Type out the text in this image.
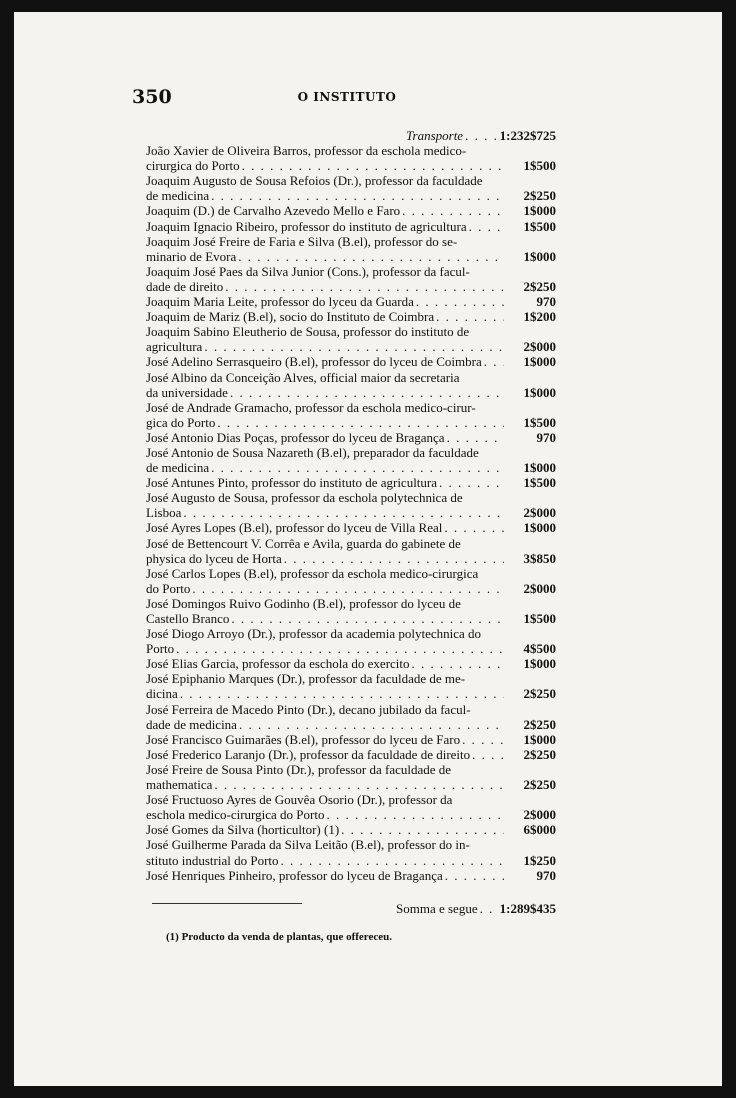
350	O INSTITUTO
Transporte . . .	1:232$725
João Xavier de Oliveira Barros, professor da eschola medico-
cirurgica do Porto . . .	1$500
Joaquim Augusto de Sousa Refoios (Dr.), professor da faculdade
de medicina . . .	2$250
Joaquim (D.) de Carvalho Azevedo Mello e Faro . . .	1$000
Joaquim Ignacio Ribeiro, professor do instituto de agricultura . . .	1$500
Joaquim José Freire de Faria e Silva (B.el), professor do se-
minario de Evora . . .	1$000
Joaquim José Paes da Silva Junior (Cons.), professor da facul-
dade de direito . . .	2$250
Joaquim Maria Leite, professor do lyceu da Guarda . . .	970
Joaquim de Mariz (B.el), socio do Instituto de Coimbra . . .	1$200
Joaquim Sabino Eleutherio de Sousa, professor do instituto de
agricultura . . .	2$000
José Adelino Serrasqueiro (B.el), professor do lyceu de Coimbra . . .	1$000
José Albino da Conceição Alves, official maior da secretaria
da universidade . . .	1$000
José de Andrade Gramacho, professor da eschola medico-cirur-
gica do Porto . . .	1$500
José Antonio Dias Poças, professor do lyceu de Bragança . . .	970
José Antonio de Sousa Nazareth (B.el), preparador da faculdade
de medicina . . .	1$000
José Antunes Pinto, professor do instituto de agricultura . . .	1$500
José Augusto de Sousa, professor da eschola polytechnica de
Lisboa . . .	2$000
José Ayres Lopes (B.el), professor do lyceu de Villa Real . . .	1$000
José de Bettencourt V. Corrêa e Avila, guarda do gabinete de
physica do lyceu de Horta . . .	3$850
José Carlos Lopes (B.el), professor da eschola medico-cirurgica
do Porto . . .	2$000
José Domingos Ruivo Godinho (B.el), professor do lyceu de
Castello Branco . . .	1$500
José Diogo Arroyo (Dr.), professor da academia polytechnica do
Porto . . .	4$500
José Elias Garcia, professor da eschola do exercito . . .	1$000
José Epiphanio Marques (Dr.), professor da faculdade de me-
dicina . . .	2$250
José Ferreira de Macedo Pinto (Dr.), decano jubilado da facul-
dade de medicina . . .	2$250
José Francisco Guimarães (B.el), professor do lyceu de Faro . . .	1$000
José Frederico Laranjo (Dr.), professor da faculdade de direito . . .	2$250
José Freire de Sousa Pinto (Dr.), professor da faculdade de
mathematica . . .	2$250
José Fructuoso Ayres de Gouvêa Osorio (Dr.), professor da
eschola medico-cirurgica do Porto . . .	2$000
José Gomes da Silva (horticultor) (1) . . .	6$000
José Guilherme Parada da Silva Leitão (B.el), professor do in-
stituto industrial do Porto . . .	1$250
José Henriques Pinheiro, professor do lyceu de Bragança . . .	970
Somma e segue . . . 1:289$435
(1) Producto da venda de plantas, que offereceu.
